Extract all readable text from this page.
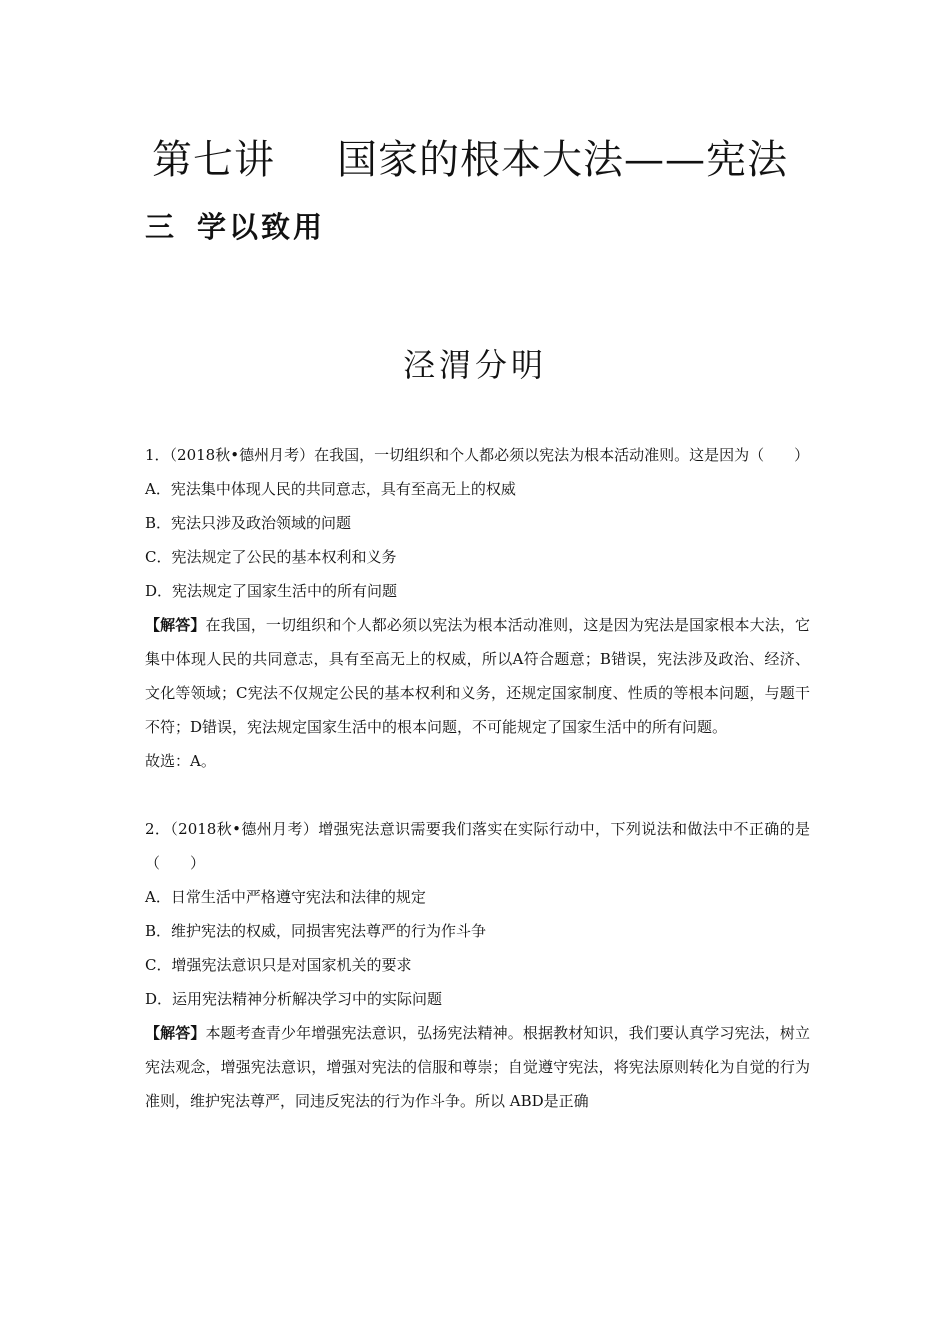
第七讲 国家的根本大法——宪法
三 学以致用
泾渭分明

1．（2018秋•德州月考）在我国，一切组织和个人都必须以宪法为根本活动准则。这是因为（　　）

A．宪法集中体现人民的共同意志，具有至高无上的权威

B．宪法只涉及政治领域的问题

C．宪法规定了公民的基本权利和义务

D．宪法规定了国家生活中的所有问题

【解答】在我国，一切组织和个人都必须以宪法为根本活动准则，这是因为宪法是国家根本大法，它集中体现人民的共同意志，具有至高无上的权威，所以A符合题意；B错误，宪法涉及政治、经济、文化等领域；C宪法不仅规定公民的基本权利和义务，还规定国家制度、性质的等根本问题，与题干不符；D错误，宪法规定国家生活中的根本问题，不可能规定了国家生活中的所有问题。

故选：A。

2．（2018秋•德州月考）增强宪法意识需要我们落实在实际行动中，下列说法和做法中不正确的是（　　）

A．日常生活中严格遵守宪法和法律的规定

B．维护宪法的权威，同损害宪法尊严的行为作斗争

C．增强宪法意识只是对国家机关的要求

D．运用宪法精神分析解决学习中的实际问题

【解答】本题考查青少年增强宪法意识，弘扬宪法精神。根据教材知识，我们要认真学习宪法，树立宪法观念，增强宪法意识，增强对宪法的信服和尊崇；自觉遵守宪法，将宪法原则转化为自觉的行为准则，维护宪法尊严，同违反宪法的行为作斗争。所以 ABD是正确
